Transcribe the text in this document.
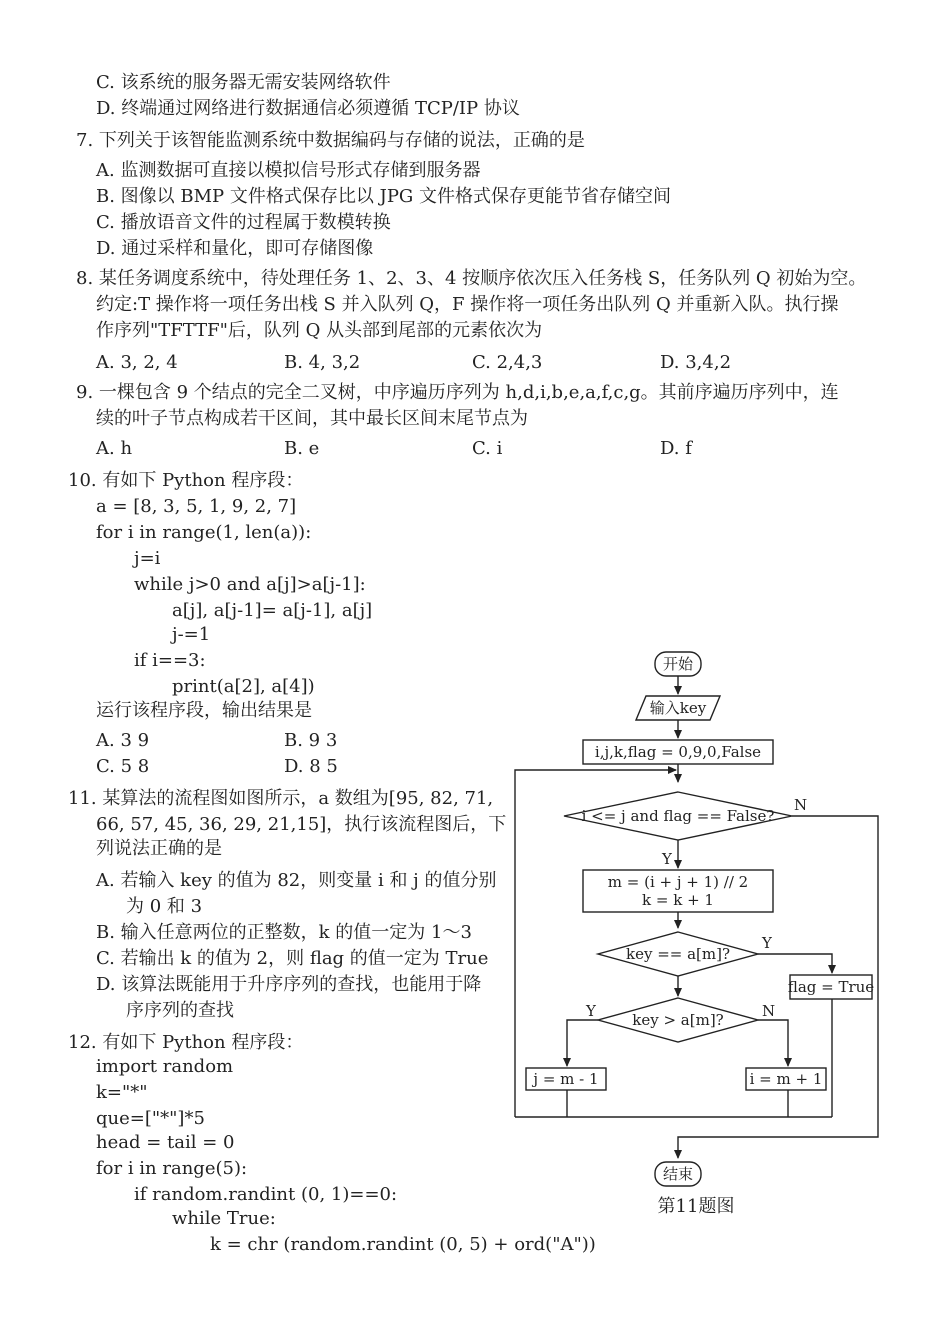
C. 该系统的服务器无需安装网络软件
D. 终端通过网络进行数据通信必须遵循 TCP/IP 协议
7. 下列关于该智能监测系统中数据编码与存储的说法，正确的是
A. 监测数据可直接以模拟信号形式存储到服务器
B. 图像以 BMP 文件格式保存比以 JPG 文件格式保存更能节省存储空间
C. 播放语音文件的过程属于数模转换
D. 通过采样和量化，即可存储图像
8. 某任务调度系统中，待处理任务 1、2、3、4 按顺序依次压入任务栈 S，任务队列 Q 初始为空。
约定:T 操作将一项任务出栈 S 并入队列 Q，F 操作将一项任务出队列 Q 并重新入队。执行操
作序列"TFTTF"后，队列 Q 从头部到尾部的元素依次为
A. 3, 2, 4	B. 4, 3,2	C. 2,4,3	D. 3,4,2
9. 一棵包含 9 个结点的完全二叉树，中序遍历序列为 h,d,i,b,e,a,f,c,g。其前序遍历序列中，连
续的叶子节点构成若干区间，其中最长区间末尾节点为
A. h	B. e	C. i	D. f
10. 有如下 Python 程序段：
a = [8, 3, 5, 1, 9, 2, 7]
for i in range(1, len(a)):
j=i
while j>0 and a[j]>a[j-1]:
a[j], a[j-1]= a[j-1], a[j]
j-=1
if i==3:
print(a[2], a[4])
运行该程序段，输出结果是
A. 3 9	B. 9 3
C. 5 8	D. 8 5
11. 某算法的流程图如图所示，a 数组为[95, 82, 71,
66, 57, 45, 36, 29, 21,15]，执行该流程图后，下
列说法正确的是
A. 若输入 key 的值为 82，则变量 i 和 j 的值分别
为 0 和 3
B. 输入任意两位的正整数，k 的值一定为 1～3
C. 若输出 k 的值为 2，则 flag 的值一定为 True
D. 该算法既能用于升序序列的查找，也能用于降
序序列的查找
12. 有如下 Python 程序段：
import random
k="*"
que=["*"]*5
head = tail = 0
for i in range(5):
if random.randint (0, 1)==0:
while True:
k = chr (random.randint (0, 5) + ord("A"))
开始
输入key
i,j,k,flag = 0,9,0,False
i <= j and flag == False?
m = (i + j + 1) // 2
k = k + 1
key == a[m]?
key > a[m]?
flag = True
j = m - 1	i = m + 1
Y
N
Y
Y	N
结束
第11题图
